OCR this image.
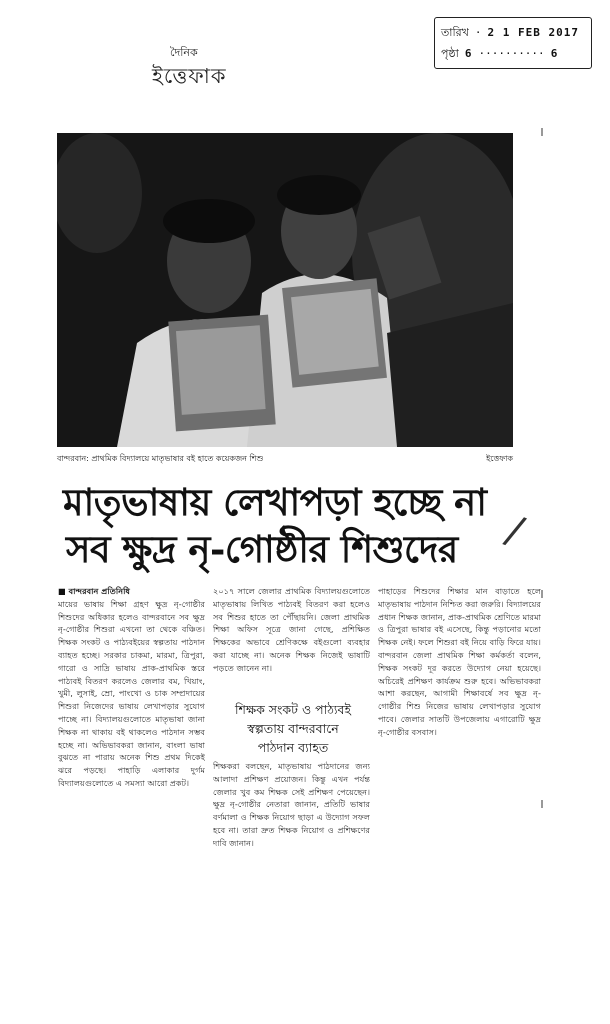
দৈনিক
ইত্তেফাক
তারিখ · 2 1 FEB 2017
পৃষ্ঠা 6 ·········· 6
বান্দরবান: প্রাথমিক বিদ্যালয়ে মাতৃভাষার বই হাতে কয়েকজন শিশু	ইত্তেফাক
মাতৃভাষায় লেখাপড়া হচ্ছে না
সব ক্ষুদ্র নৃ-গোষ্ঠীর শিশুদের	/
■ বান্দরবান প্রতিনিধি
মায়ের ভাষায় শিক্ষা গ্রহণ ক্ষুদ্র নৃ-গোষ্ঠীর শিশুদের অধিকার হলেও বান্দরবানে সব ক্ষুদ্র নৃ-গোষ্ঠীর শিশুরা এখনো তা থেকে বঞ্চিত। শিক্ষক সংকট ও পাঠ্যবইয়ের স্বল্পতায় পাঠদান ব্যাহত হচ্ছে। সরকার চাকমা, মারমা, ত্রিপুরা, গারো ও সাদ্রি ভাষায় প্রাক-প্রাথমিক স্তরে পাঠ্যবই বিতরণ করলেও জেলার বম, খিয়াং, খুমী, লুসাই, ম্রো, পাংখো ও চাক সম্প্রদায়ের শিশুরা নিজেদের ভাষায় লেখাপড়ার সুযোগ পাচ্ছে না। বিদ্যালয়গুলোতে মাতৃভাষা জানা শিক্ষক না থাকায় বই থাকলেও পাঠদান সম্ভব হচ্ছে না। অভিভাবকরা জানান, বাংলা ভাষা বুঝতে না পারায় অনেক শিশু প্রথম দিকেই ঝরে পড়ছে। পাহাড়ি এলাকার দুর্গম বিদ্যালয়গুলোতে এ সমস্যা আরো প্রকট।
২০১৭ সালে জেলার প্রাথমিক বিদ্যালয়গুলোতে মাতৃভাষায় লিখিত পাঠ্যবই বিতরণ করা হলেও সব শিশুর হাতে তা পৌঁছায়নি। জেলা প্রাথমিক শিক্ষা অফিস সূত্রে জানা গেছে, প্রশিক্ষিত শিক্ষকের অভাবে শ্রেণিকক্ষে বইগুলো ব্যবহার করা যাচ্ছে না। অনেক শিক্ষক নিজেই ভাষাটি পড়তে জানেন না।
শিক্ষক সংকট ও পাঠ্যবই
স্বল্পতায় বান্দরবানে
পাঠদান ব্যাহত
শিক্ষকরা বলছেন, মাতৃভাষায় পাঠদানের জন্য আলাদা প্রশিক্ষণ প্রয়োজন। কিন্তু এখন পর্যন্ত জেলার খুব কম শিক্ষক সেই প্রশিক্ষণ পেয়েছেন। ক্ষুদ্র নৃ-গোষ্ঠীর নেতারা জানান, প্রতিটি ভাষার বর্ণমালা ও শিক্ষক নিয়োগ ছাড়া এ উদ্যোগ সফল হবে না। তারা দ্রুত শিক্ষক নিয়োগ ও প্রশিক্ষণের দাবি জানান।
পাহাড়ের শিশুদের শিক্ষার মান বাড়াতে হলে মাতৃভাষায় পাঠদান নিশ্চিত করা জরুরি। বিদ্যালয়ের প্রধান শিক্ষক জানান, প্রাক-প্রাথমিক শ্রেণিতে মারমা ও ত্রিপুরা ভাষার বই এসেছে, কিন্তু পড়ানোর মতো শিক্ষক নেই। ফলে শিশুরা বই নিয়ে বাড়ি ফিরে যায়। বান্দরবান জেলা প্রাথমিক শিক্ষা কর্মকর্তা বলেন, শিক্ষক সংকট দূর করতে উদ্যোগ নেয়া হয়েছে। অচিরেই প্রশিক্ষণ কার্যক্রম শুরু হবে। অভিভাবকরা আশা করছেন, আগামী শিক্ষাবর্ষে সব ক্ষুদ্র নৃ-গোষ্ঠীর শিশু নিজের ভাষায় লেখাপড়ার সুযোগ পাবে। জেলার সাতটি উপজেলায় এগারোটি ক্ষুদ্র নৃ-গোষ্ঠীর বসবাস।
